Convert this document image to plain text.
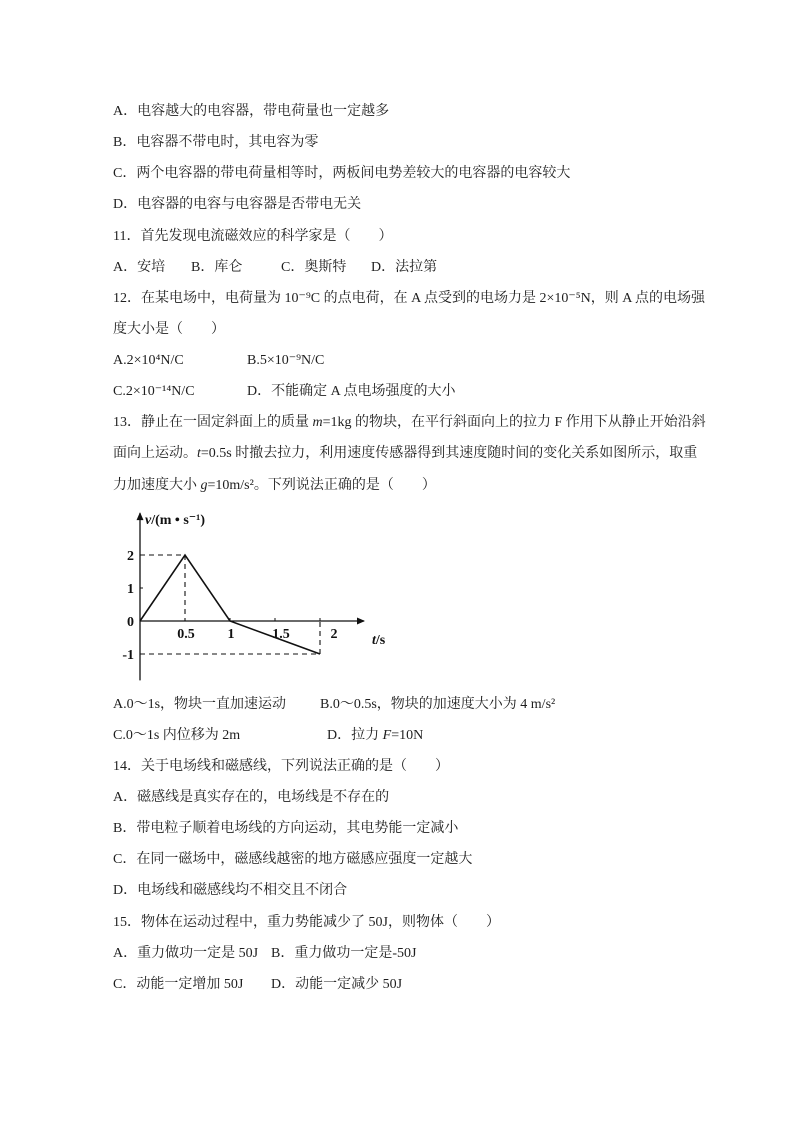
A．电容越大的电容器，带电荷量也一定越多
B．电容器不带电时，其电容为零
C．两个电容器的带电荷量相等时，两板间电势差较大的电容器的电容较大
D．电容器的电容与电容器是否带电无关
11．首先发现电流磁效应的科学家是（　　）
A．安培 B．库仑	C．奥斯特 D．法拉第
12．在某电场中，电荷量为 10⁻⁹C 的点电荷，在 A 点受到的电场力是 2×10⁻⁵N，则 A 点的电场强
度大小是（　　）
A.2×10⁴N/C	B.5×10⁻⁹N/C
C.2×10⁻¹⁴N/C	D．不能确定 A 点电场强度的大小
13．静止在一固定斜面上的质量 m=1kg 的物块，在平行斜面向上的拉力 F 作用下从静止开始沿斜
面向上运动。t=0.5s 时撤去拉力，利用速度传感器得到其速度随时间的变化关系如图所示，取重
力加速度大小 g=10m/s²。下列说法正确的是（　　）
0.5 1	1.5	2
2
1
0
-1
v/(m • s⁻¹)
t/s
A.0～1s，物块一直加速运动 B.0～0.5s，物块的加速度大小为 4 m/s²
C.0～1s 内位移为 2m	D．拉力 F=10N
14．关于电场线和磁感线，下列说法正确的是（　　）
A．磁感线是真实存在的，电场线是不存在的
B．带电粒子顺着电场线的方向运动，其电势能一定减小
C．在同一磁场中，磁感线越密的地方磁感应强度一定越大
D．电场线和磁感线均不相交且不闭合
15．物体在运动过程中，重力势能减少了 50J，则物体（　　）
A．重力做功一定是 50J B．重力做功一定是-50J
C．动能一定增加 50J D．动能一定减少 50J
